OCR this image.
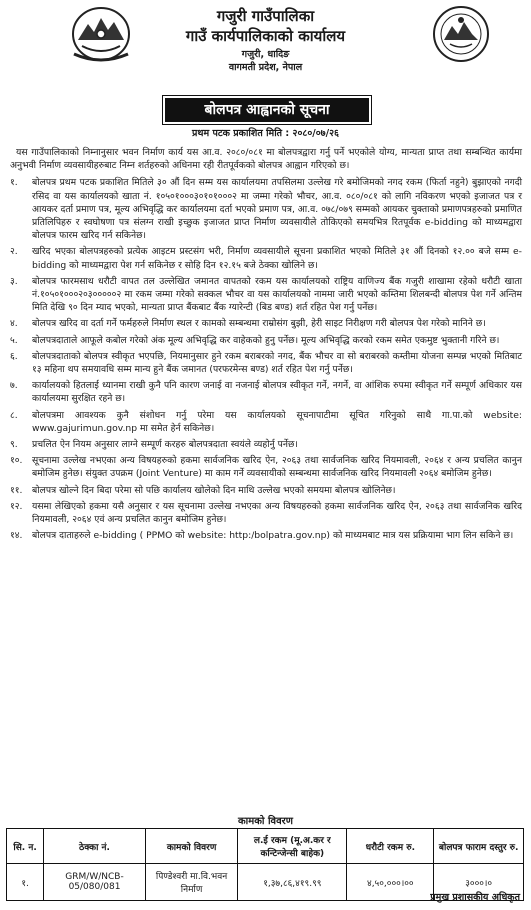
गजुरी गाउँपालिका
गाउँ कार्यपालिकाको कार्यालय
गजुरी, धादिङ
वागमती प्रदेश, नेपाल
बोलपत्र आह्वानको सूचना
प्रथम पटक प्रकाशित मिति : २०८०/०७/२६

यस गाउँपालिकाको निम्नानुसार भवन निर्माण कार्य यस आ.व. २०८०/०८१ मा बोलपत्रद्वारा गर्नु पर्ने भएकोले योग्य, मान्यता प्राप्त तथा सम्बन्धित कार्यमा अनुभवी निर्माण व्यवसायीहरुबाट निम्न शर्तहरुको अधिनमा रही रीतपूर्वकको बोलपत्र आह्वान गरिएको छ।

१.	बोलपत्र प्रथम पटक प्रकाशित मितिले ३० औं दिन सम्म यस कार्यालयमा तपसिलमा उल्लेख गरे बमोजिमको नगद रकम (फिर्ता नहुने) बुझाएको नगदी रसिद वा यस कार्यालयको खाता नं. १०५०१०००३०१०१०००२ मा जम्मा गरेको भौचर, आ.व. ०८०/०८१ को लागि नविकरण भएको इजाजत पत्र र आयकर दर्ता प्रमाण पत्र, मूल्य अभिवृद्धि कर कार्यालयमा दर्ता भएको प्रमाण पत्र, आ.व. ०७८/०७९ सम्मको आयकर चुक्ताको प्रमाणपत्रहरुको प्रमाणित प्रतिलिपिहरु र स्वघोषणा पत्र संलग्न राखी इच्छुक इजाजत प्राप्त निर्माण व्यवसायीले तोकिएको समयभित्र रितपूर्वक e-bidding को माध्यमद्वारा बोलपत्र फारम खरिद गर्न सकिनेछ।
२.	खरिद भएका बोलपत्रहरुको प्रत्येक आइटम प्रस्टसंग भरी, निर्माण व्यवसायीले सूचना प्रकाशित भएको मितिले ३१ औं दिनको १२.०० बजे सम्म e-bidding को माध्यमद्वारा पेश गर्न सकिनेछ र सोहि दिन १२.१५ बजे ठेक्का खोलिने छ।
३.	बोलपत्र फारमसाथ धरौटी वापत तल उल्लेखित जमानत वापतको रकम यस कार्यालयको राष्ट्रिय वाणिज्य बैंक गजुरी शाखामा रहेको धरौटी खाता नं.१०५०१०००२०३०००००२ मा रकम जम्मा गरेको सक्कल भौचर वा यस कार्यालयको नाममा जारी भएको कम्तिमा शिलबन्दी बोलपत्र पेश गर्ने अन्तिम मिति देखि ९० दिन म्याद भएको, मान्यता प्राप्त बैंकबाट बैंक ग्यारेन्टी (बिड बण्ड) शर्त रहित पेश गर्नु पर्नेछ।
४.	बोलपत्र खरिद वा दर्ता गर्ने फर्महरुले निर्माण स्थल र कामको सम्बन्धमा राम्रोसंग बुझी, हेरी साइट निरीक्षण गरी बोलपत्र पेश गरेको मानिने छ।
५.	बोलपत्रदाताले आफूले कबोल गरेको अंक मूल्य अभिवृद्धि कर वाहेकको हुनु पर्नेछ। मूल्य अभिवृद्धि करको रकम समेत एकमुष्ट भुक्तानी गरिने छ।
६.	बोलपत्रदाताको बोलपत्र स्वीकृत भएपछि, नियमानुसार हुने रकम बराबरको नगद, बैंक भौचर वा सो बराबरको कम्तीमा योजना सम्पन्न भएको मितिबाट १३ महिना थप समयावधि सम्म मान्य हुने बैंक जमानत (परफरमेन्स बण्ड) शर्त रहित पेश गर्नु पर्नेछ।
७.	कार्यालयको हितलाई ध्यानमा राखी कुनै पनि कारण जनाई वा नजनाई बोलपत्र स्वीकृत गर्ने, नगर्ने, वा आंशिक रुपमा स्वीकृत गर्ने सम्पूर्ण अधिकार यस कार्यालयमा सुरक्षित रहने छ।
८.	बोलपत्रमा आवश्यक कुनै संशोधन गर्नु परेमा यस कार्यालयको सूचनापाटीमा सूचित गरिनुको साथै गा.पा.को website: www.gajurimun.gov.np मा समेत हेर्न सकिनेछ।
९.	प्रचलित ऐन नियम अनुसार लाग्ने सम्पूर्ण करहरु बोलपत्रदाता स्वयंले व्यहोर्नु पर्नेछ।
१०.	सूचनामा उल्लेख नभएका अन्य विषयहरुको हकमा सार्वजनिक खरिद ऐन, २०६३ तथा सार्वजनिक खरिद नियमावली, २०६४ र अन्य प्रचलित कानुन बमोजिम हुनेछ। संयुक्त उपक्रम (Joint Venture) मा काम गर्ने व्यवसायीको सम्बन्धमा सार्वजनिक खरिद नियमावली २०६४ बमोजिम हुनेछ।
११.	बोलपत्र खोल्ने दिन बिदा परेमा सो पछि कार्यालय खोलेको दिन माथि उल्लेख भएको समयमा बोलपत्र खोलिनेछ।
१२.	यसमा लेखिएको हकमा यसै अनुसार र यस सूचनामा उल्लेख नभएका अन्य विषयहरुको हकमा सार्वजनिक खरिद ऐन, २०६३ तथा सार्वजनिक खरिद नियमावली, २०६४ एवं अन्य प्रचलित कानुन बमोजिम हुनेछ।
१४.	बोलपत्र दाताहरुले e-bidding ( PPMO को website: http:/bolpatra.gov.np) को माध्यमबाट मात्र यस प्रक्रियामा भाग लिन सकिने छ।
कामको विवरण
सि. न.	ठेक्का नं.	कामको विवरण	ल.ई रकम (मू.अ.कर र कन्टिन्जेन्सी बाहेक)	धरौटी रकम रु.	बोलपत्र फाराम दस्तुर रु.
१.	GRM/W/NCB-05/080/081	पिण्डेश्वरी मा.वि.भवन निर्माण	१,३७,८६,४१९.९९	४,५०,०००।००	३०००।०
प्रमुख प्रशासकीय अधिकृत
